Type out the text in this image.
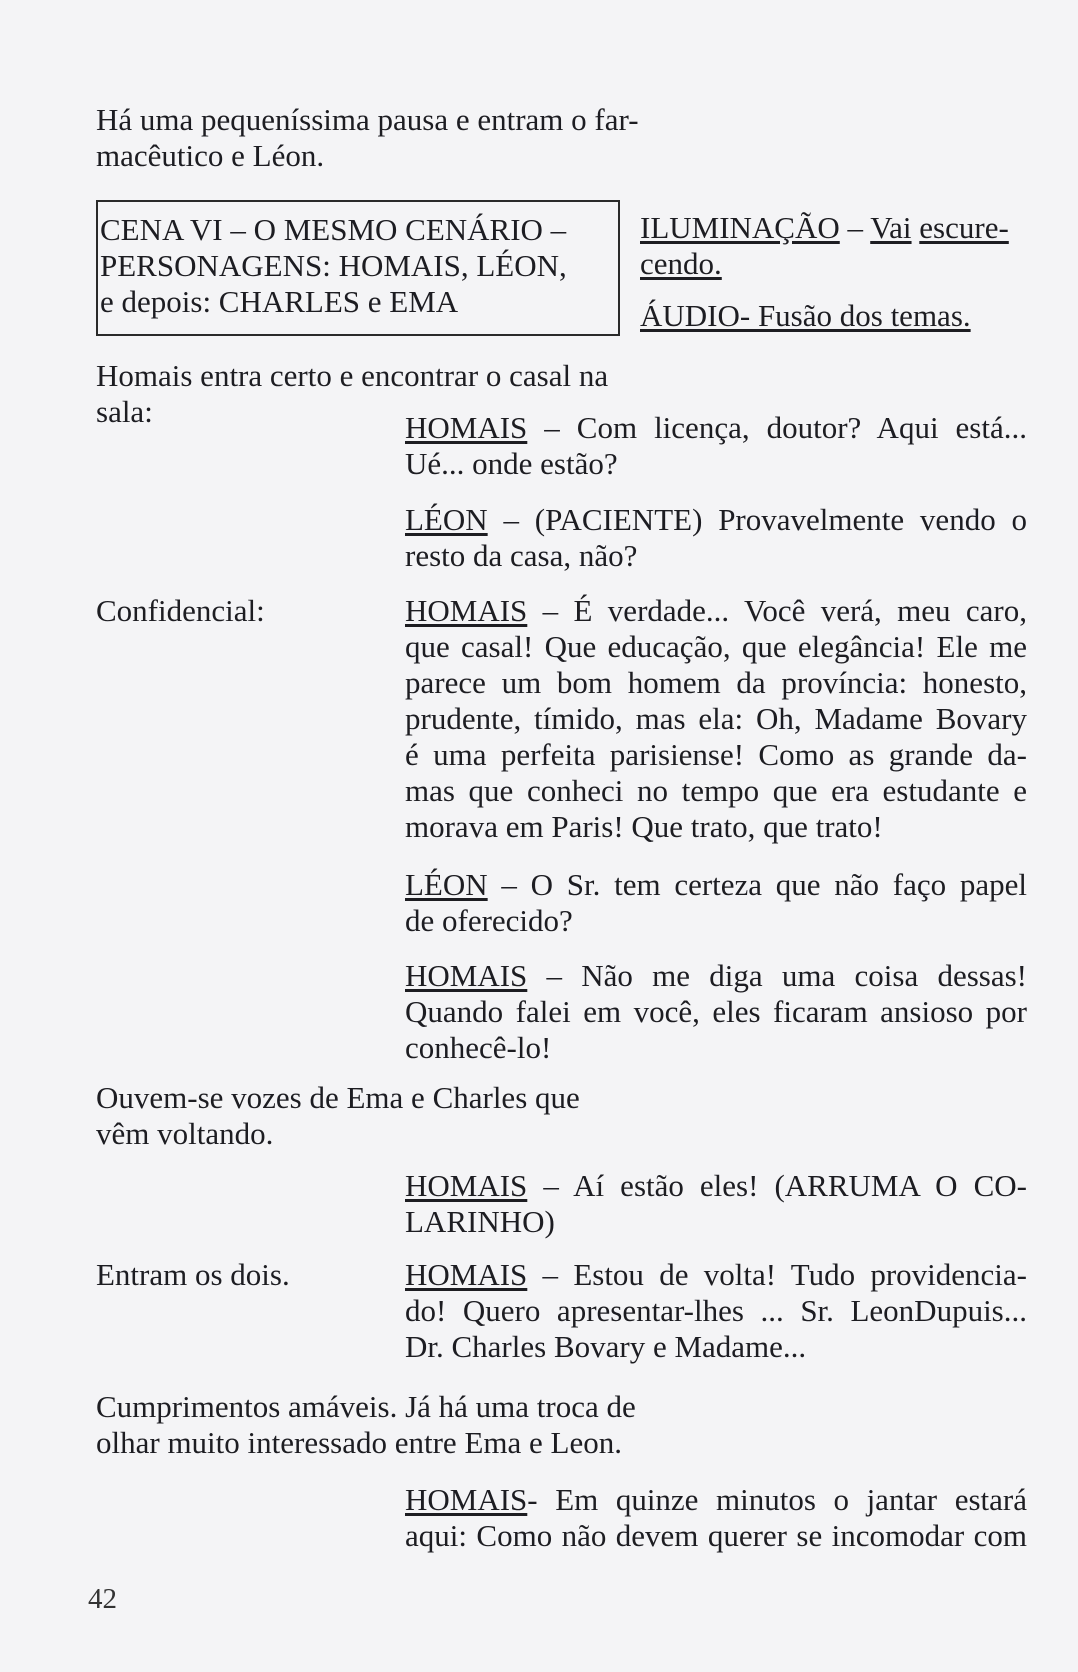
Há uma pequeníssima pausa e entram o far-
macêutico e Léon.
CENA VI – O MESMO CENÁRIO –
PERSONAGENS: HOMAIS, LÉON,
e depois: CHARLES e EMA
ILUMINAÇÃO – Vai escure-
cendo.
ÁUDIO- Fusão dos temas.
Homais entra certo e encontrar o casal na sala:	HOMAIS – Com licença, doutor? Aqui está...
Ué... onde estão?
LÉON – (PACIENTE) Provavelmente vendo o
resto da casa, não?
Confidencial:	HOMAIS – É verdade... Você verá, meu caro,
que casal! Que educação, que elegância! Ele me
parece um bom homem da província: honesto,
prudente, tímido, mas ela: Oh, Madame Bovary
é uma perfeita parisiense! Como as grande da-
mas que conheci no tempo que era estudante e
morava em Paris! Que trato, que trato!
LÉON – O Sr. tem certeza que não faço papel
de oferecido?
HOMAIS – Não me diga uma coisa dessas!
Quando falei em você, eles ficaram ansioso por
conhecê-lo!
Ouvem-se vozes de Ema e Charles que
vêm voltando.
HOMAIS – Aí estão eles! (ARRUMA O CO-
LARINHO)
Entram os dois.	HOMAIS – Estou de volta! Tudo providencia-
do! Quero apresentar-lhes ... Sr. LeonDupuis...
Dr. Charles Bovary e Madame...
Cumprimentos amáveis. Já há uma troca de
olhar muito interessado entre Ema e Leon.
HOMAIS- Em quinze minutos o jantar estará
aqui: Como não devem querer se incomodar com
42
